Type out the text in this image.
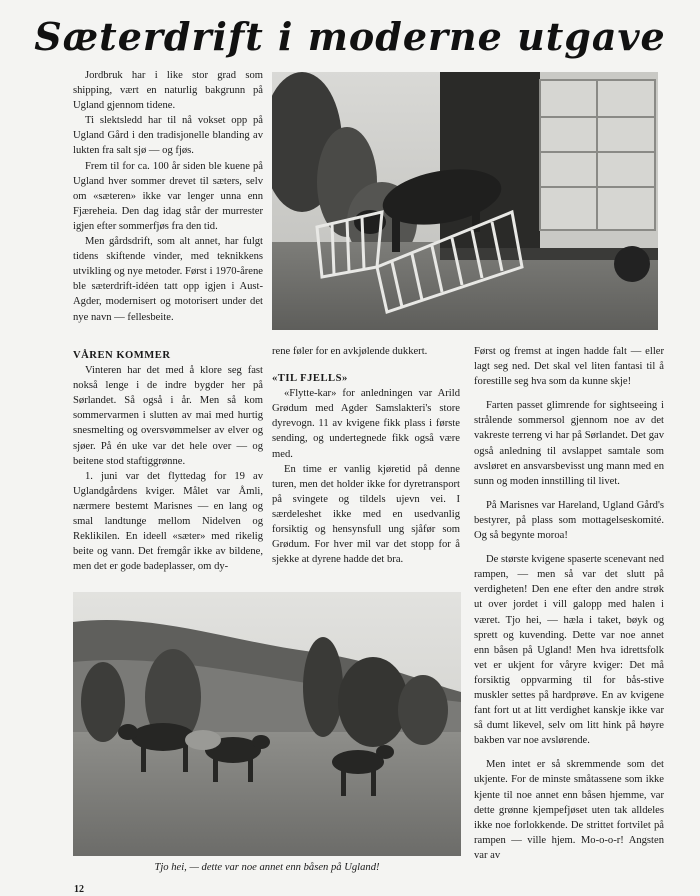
Sæterdrift i moderne utgave

Jordbruk har i like stor grad som shipping, vært en naturlig bakgrunn på Ugland gjennom tidene.

Ti slektsledd har til nå vokset opp på Ugland Gård i den tradisjonelle blanding av lukten fra salt sjø — og fjøs.

Frem til for ca. 100 år siden ble kuene på Ugland hver sommer drevet til sæters, selv om «sæteren» ikke var lenger unna enn Fjæreheia. Den dag idag står der murrester igjen efter sommerfjøs fra den tid.

Men gårdsdrift, som alt annet, har fulgt tidens skiftende vinder, med teknikkens utvikling og nye metoder. Først i 1970-årene ble sæterdrift-idéen tatt opp igjen i Aust-Agder, modernisert og motorisert under det nye navn — fellesbeite.

VÅREN KOMMER

Vinteren har det med å klore seg fast nokså lenge i de indre bygder her på Sørlandet. Så også i år. Men så kom sommervarmen i slutten av mai med hurtig snesmelting og oversvømmelser av elver og sjøer. På én uke var det hele over — og beitene stod staftiggrønne.

1. juni var det flyttedag for 19 av Uglandgårdens kviger. Målet var Åmli, nærmere bestemt Marisnes — en lang og smal landtunge mellom Nidelven og Reklikilen. En ideell «sæter» med rikelig beite og vann. Det fremgår ikke av bildene, men det er gode badeplasser, om dy-

rene føler for en avkjølende dukkert.

«TIL FJELLS»

«Flytte-kar» for anledningen var Arild Grødum med Agder Samslakteri's store dyrevogn. 11 av kvigene fikk plass i første sending, og undertegnede fikk også være med.

En time er vanlig kjøretid på denne turen, men det holder ikke for dyretransport på svingete og tildels ujevn vei. I særdeleshet ikke med en usedvanlig forsiktig og hensynsfull ung sjåfør som Grødum. For hver mil var det stopp for å sjekke at dyrene hadde det bra.

Først og fremst at ingen hadde falt — eller lagt seg ned. Det skal vel liten fantasi til å forestille seg hva som da kunne skje!

Farten passet glimrende for sightseeing i strålende sommersol gjennom noe av det vakreste terreng vi har på Sørlandet. Det gav også anledning til avslappet samtale som avsløret en ansvarsbevisst ung mann med en sunn og moden innstilling til livet.

På Marisnes var Hareland, Ugland Gård's bestyrer, på plass som mottagelseskomité. Og så begynte moroa!

De største kvigene spaserte scenevant ned rampen, — men så var det slutt på verdigheten! Den ene efter den andre strøk ut over jordet i vill galopp med halen i været. Tjo hei, — hæla i taket, bøyk og sprett og kuvending. Dette var noe annet enn båsen på Ugland! Men hva idrettsfolk vet er ukjent for våryre kviger: Det må forsiktig oppvarming til for bås-stive muskler settes på hardprøve. En av kvigene fant fort ut at litt verdighet kanskje ikke var så dumt likevel, selv om litt hink på høyre bakben var noe avslørende.

Men intet er så skremmende som det ukjente. For de minste småtassene som ikke kjente til noe annet enn båsen hjemme, var dette grønne kjempefjøset uten tak alldeles ikke noe forlokkende. De strittet fortvilet på rampen — ville hjem. Mo-o-o-r! Angsten var av

Tjo hei, — dette var noe annet enn båsen på Ugland!
12
